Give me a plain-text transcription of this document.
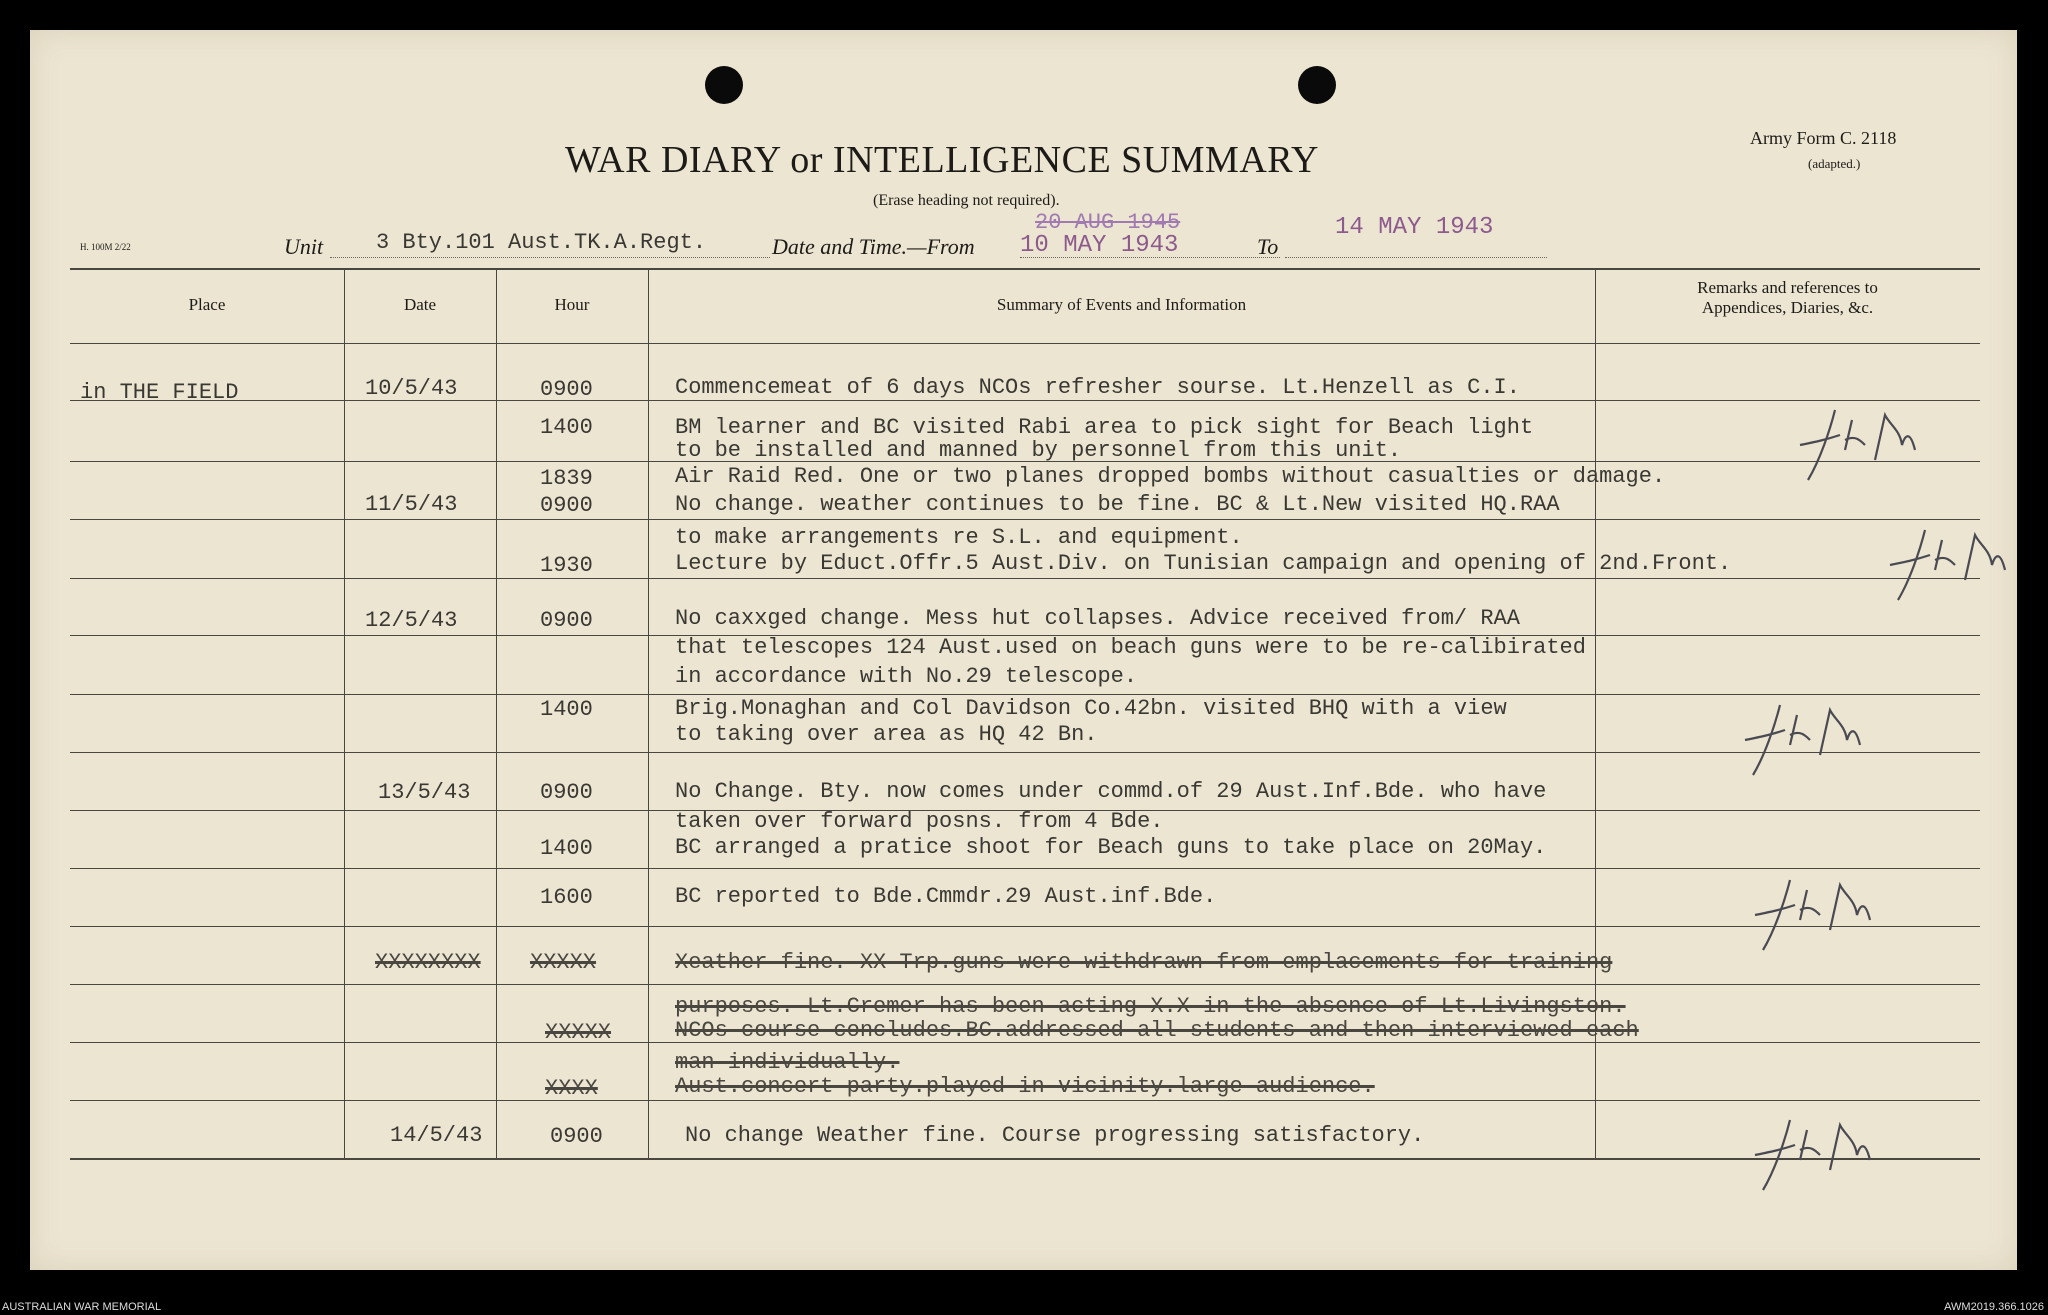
WAR DIARY or INTELLIGENCE SUMMARY
(Erase heading not required).
Army Form C. 2118
(adapted.)
H. 100M 2/22	Unit 3 Bty.101 Aust.TK.A.Regt.	Date and Time.—From
20 AUG 1945
10 MAY 1943	To
14 MAY 1943
Place	Date	Hour	Summary of Events and Information
Remarks and references to
Appendices, Diaries, &c.
in THE FIELD	10/5/43	0900	Commencemeat of 6 days NCOs refresher sourse. Lt.Henzell as C.I.
1400	BM learner and BC visited Rabi area to pick sight for Beach light
to be installed and manned by personnel from this unit.
1839	Air Raid Red. One or two planes dropped bombs without casualties or damage.
11/5/43	0900	No change. weather continues to be fine. BC & Lt.New visited HQ.RAA
to make arrangements re S.L. and equipment.
1930	Lecture by Educt.Offr.5 Aust.Div. on Tunisian campaign and opening of 2nd.Front.
12/5/43	0900	No caxxged change. Mess hut collapses. Advice received from/ RAA
that telescopes 124 Aust.used on beach guns were to be re-calibirated
in accordance with No.29 telescope.
1400	Brig.Monaghan and Col Davidson Co.42bn. visited BHQ with a view
to taking over area as HQ 42 Bn.
13/5/43	0900	No Change. Bty. now comes under commd.of 29 Aust.Inf.Bde. who have
taken over forward posns. from 4 Bde.
1400	BC arranged a pratice shoot for Beach guns to take place on 20May.
1600	BC reported to Bde.Cmmdr.29 Aust.inf.Bde.
XXXXXXXX XXXXX	Xeather fine. XX Trp.guns were withdrawn from emplacements for training
purposes. Lt.Cremer has been acting X.X in the absence of Lt.Livingston.
XXXXX	NCOs course concludes.BC.addressed all students and then interviewed each
man individually.
XXXX	Aust.concert party.played in vicinity.large audience.
14/5/43	0900	No change Weather fine. Course progressing satisfactory.
AUSTRALIAN WAR MEMORIAL	AWM2019.366.1026
